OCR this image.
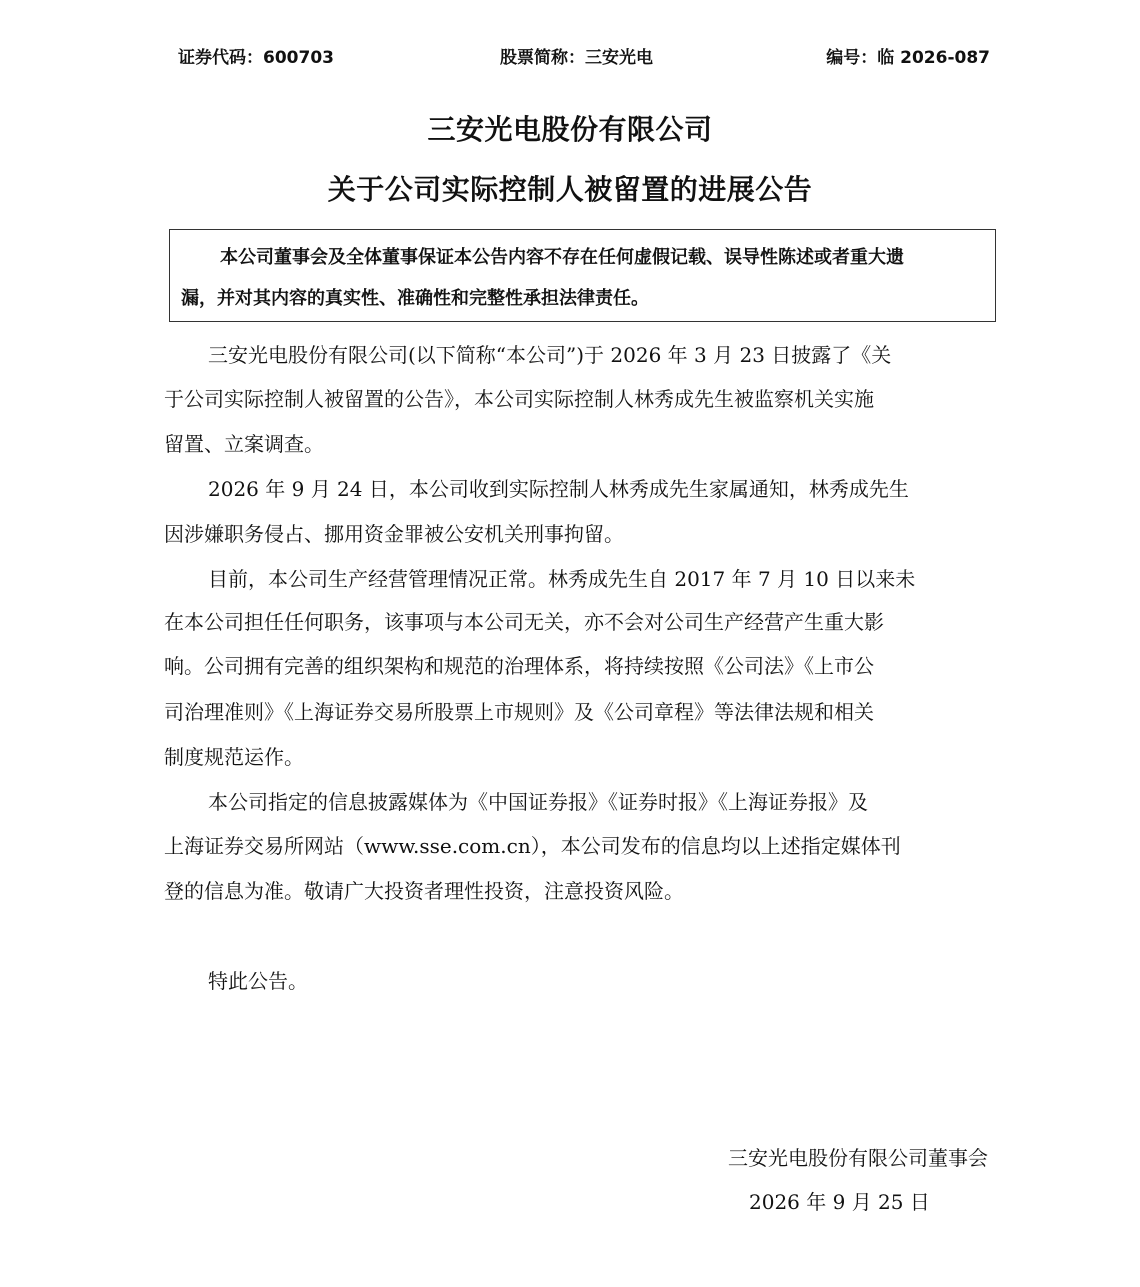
证券代码：600703	股票简称：三安光电	编号：临 2026-087
三安光电股份有限公司
关于公司实际控制人被留置的进展公告
本公司董事会及全体董事保证本公告内容不存在任何虚假记载、误导性陈述或者重大遗
漏，并对其内容的真实性、准确性和完整性承担法律责任。
三安光电股份有限公司(以下简称“本公司”)于 2026 年 3 月 23 日披露了《关
于公司实际控制人被留置的公告》，本公司实际控制人林秀成先生被监察机关实施
留置、立案调查。
2026 年 9 月 24 日，本公司收到实际控制人林秀成先生家属通知，林秀成先生
因涉嫌职务侵占、挪用资金罪被公安机关刑事拘留。
目前，本公司生产经营管理情况正常。林秀成先生自 2017 年 7 月 10 日以来未
在本公司担任任何职务，该事项与本公司无关，亦不会对公司生产经营产生重大影
响。公司拥有完善的组织架构和规范的治理体系，将持续按照《公司法》《上市公
司治理准则》《上海证券交易所股票上市规则》及《公司章程》等法律法规和相关
制度规范运作。
本公司指定的信息披露媒体为《中国证券报》《证券时报》《上海证券报》及
上海证券交易所网站（www.sse.com.cn），本公司发布的信息均以上述指定媒体刊
登的信息为准。敬请广大投资者理性投资，注意投资风险。
特此公告。
三安光电股份有限公司董事会
2026 年 9 月 25 日
